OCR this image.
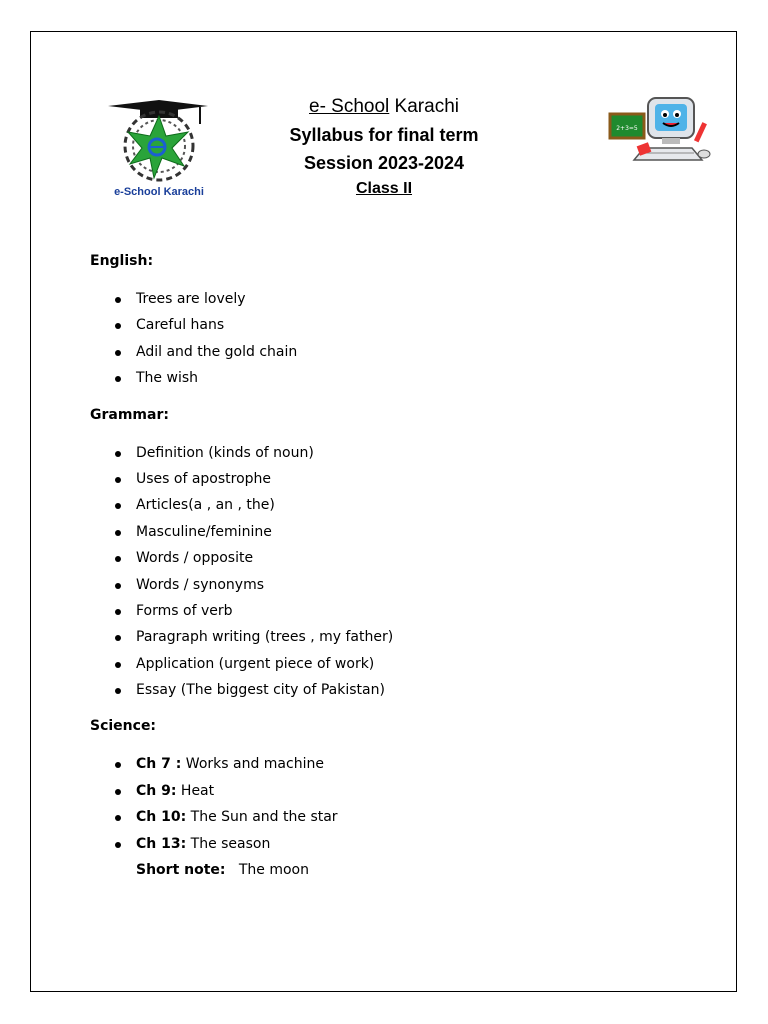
e-School Karachi
e- School Karachi
Syllabus for final term
Session 2023-2024
Class II
2+3=5
English:
Trees are lovely
Careful hans
Adil and the gold chain
The wish
Grammar:
Definition (kinds of noun)
Uses of apostrophe
Articles(a , an , the)
Masculine/feminine
Words / opposite
Words / synonyms
Forms of verb
Paragraph writing (trees , my father)
Application (urgent piece of work)
Essay (The biggest city of Pakistan)
Science:
Ch 7 : Works and machine
Ch 9: Heat
Ch 10: The Sun and the star
Ch 13: The season
Short note:   The moon
